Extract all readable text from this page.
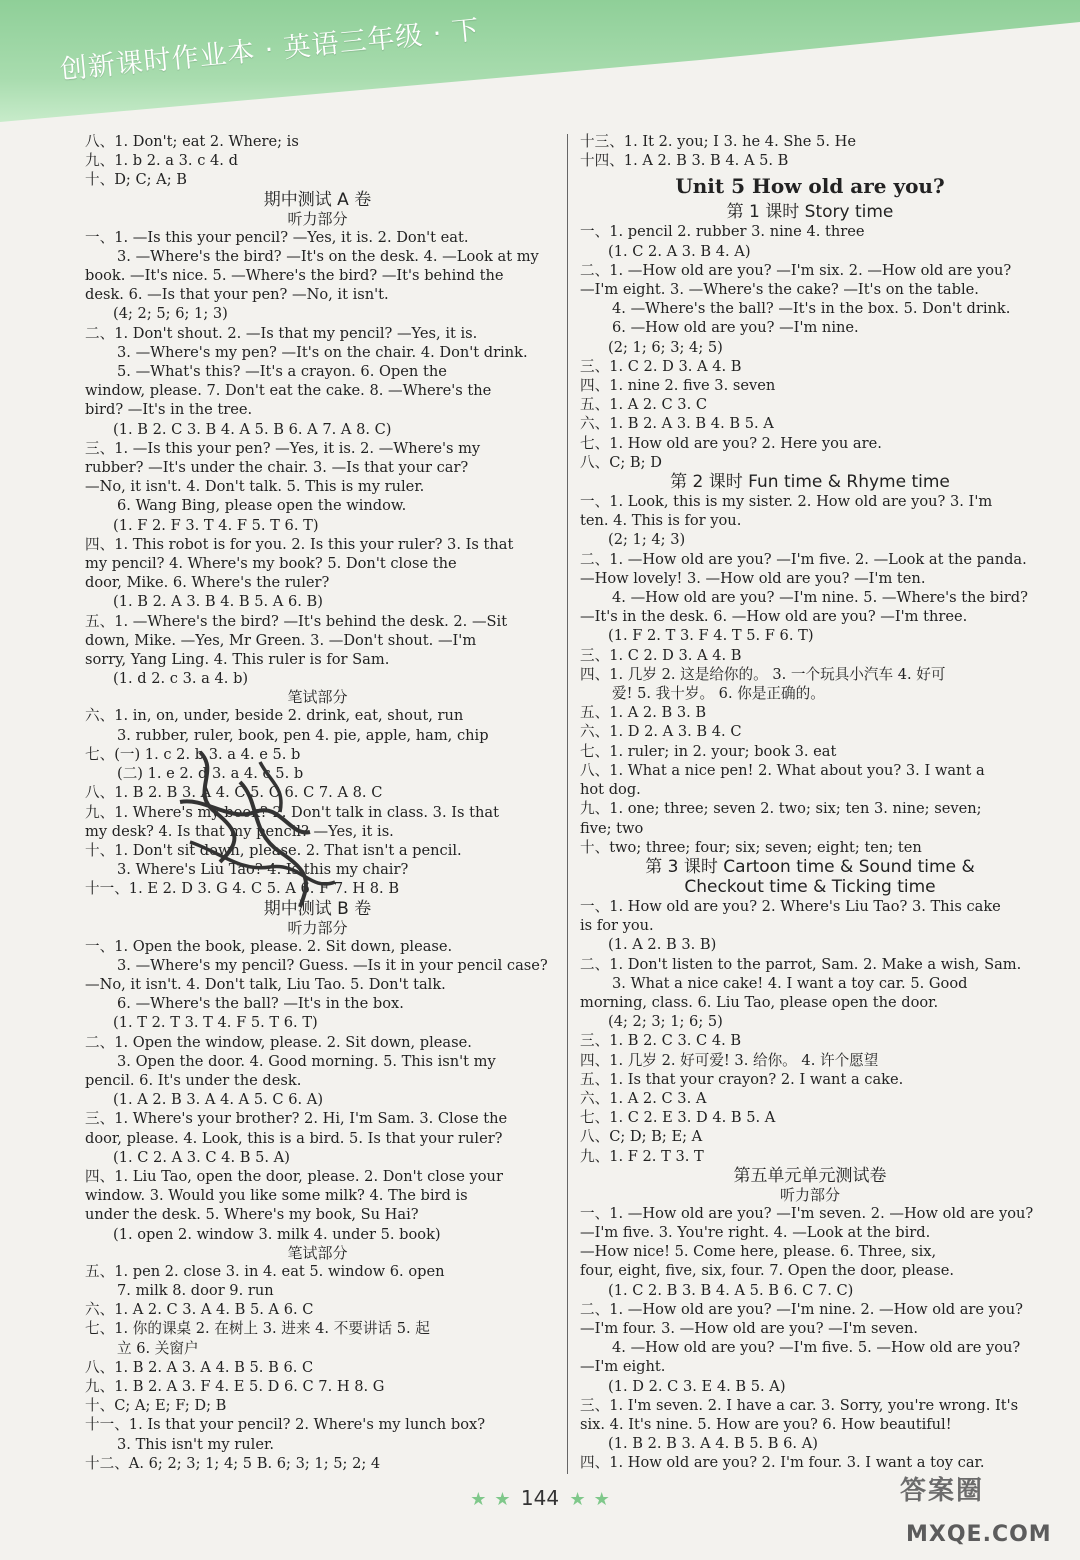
创新课时作业本 · 英语三年级 · 下
八、1. Don't; eat 2. Where; is
九、1. b 2. a 3. c 4. d
十、D; C; A; B
期中测试 A 卷
听力部分
一、1. —Is this your pencil? —Yes, it is. 2. Don't eat.
3. —Where's the bird? —It's on the desk. 4. —Look at my
book. —It's nice. 5. —Where's the bird? —It's behind the
desk. 6. —Is that your pen? —No, it isn't.
(4; 2; 5; 6; 1; 3)
二、1. Don't shout. 2. —Is that my pencil? —Yes, it is.
3. —Where's my pen? —It's on the chair. 4. Don't drink.
5. —What's this? —It's a crayon. 6. Open the
window, please. 7. Don't eat the cake. 8. —Where's the
bird? —It's in the tree.
(1. B 2. C 3. B 4. A 5. B 6. A 7. A 8. C)
三、1. —Is this your pen? —Yes, it is. 2. —Where's my
rubber? —It's under the chair. 3. —Is that your car?
—No, it isn't. 4. Don't talk. 5. This is my ruler.
6. Wang Bing, please open the window.
(1. F 2. F 3. T 4. F 5. T 6. T)
四、1. This robot is for you. 2. Is this your ruler? 3. Is that
my pencil? 4. Where's my book? 5. Don't close the
door, Mike. 6. Where's the ruler?
(1. B 2. A 3. B 4. B 5. A 6. B)
五、1. —Where's the bird? —It's behind the desk. 2. —Sit
down, Mike. —Yes, Mr Green. 3. —Don't shout. —I'm
sorry, Yang Ling. 4. This ruler is for Sam.
(1. d 2. c 3. a 4. b)
笔试部分
六、1. in, on, under, beside 2. drink, eat, shout, run
3. rubber, ruler, book, pen 4. pie, apple, ham, chip
七、(一) 1. c 2. b 3. a 4. e 5. b
(二) 1. e 2. d 3. a 4. c 5. b
八、1. B 2. B 3. A 4. C 5. C 6. C 7. A 8. C
九、1. Where's my book? 2. Don't talk in class. 3. Is that
my desk? 4. Is that my pencil? —Yes, it is.
十、1. Don't sit down, please. 2. That isn't a pencil.
3. Where's Liu Tao? 4. Is this my chair?
十一、1. E 2. D 3. G 4. C 5. A 6. F 7. H 8. B
期中测试 B 卷
听力部分
一、1. Open the book, please. 2. Sit down, please.
3. —Where's my pencil? Guess. —Is it in your pencil case?
—No, it isn't. 4. Don't talk, Liu Tao. 5. Don't talk.
6. —Where's the ball? —It's in the box.
(1. T 2. T 3. T 4. F 5. T 6. T)
二、1. Open the window, please. 2. Sit down, please.
3. Open the door. 4. Good morning. 5. This isn't my
pencil. 6. It's under the desk.
(1. A 2. B 3. A 4. A 5. C 6. A)
三、1. Where's your brother? 2. Hi, I'm Sam. 3. Close the
door, please. 4. Look, this is a bird. 5. Is that your ruler?
(1. C 2. A 3. C 4. B 5. A)
四、1. Liu Tao, open the door, please. 2. Don't close your
window. 3. Would you like some milk? 4. The bird is
under the desk. 5. Where's my book, Su Hai?
(1. open 2. window 3. milk 4. under 5. book)
笔试部分
五、1. pen 2. close 3. in 4. eat 5. window 6. open
7. milk 8. door 9. run
六、1. A 2. C 3. A 4. B 5. A 6. C
七、1. 你的课桌 2. 在树上 3. 进来 4. 不要讲话 5. 起
立 6. 关窗户
八、1. B 2. A 3. A 4. B 5. B 6. C
九、1. B 2. A 3. F 4. E 5. D 6. C 7. H 8. G
十、C; A; E; F; D; B
十一、1. Is that your pencil? 2. Where's my lunch box?
3. This isn't my ruler.
十二、A. 6; 2; 3; 1; 4; 5 B. 6; 3; 1; 5; 2; 4
十三、1. It 2. you; I 3. he 4. She 5. He
十四、1. A 2. B 3. B 4. A 5. B
Unit 5 How old are you?
第 1 课时 Story time
一、1. pencil 2. rubber 3. nine 4. three
(1. C 2. A 3. B 4. A)
二、1. —How old are you? —I'm six. 2. —How old are you?
—I'm eight. 3. —Where's the cake? —It's on the table.
4. —Where's the ball? —It's in the box. 5. Don't drink.
6. —How old are you? —I'm nine.
(2; 1; 6; 3; 4; 5)
三、1. C 2. D 3. A 4. B
四、1. nine 2. five 3. seven
五、1. A 2. C 3. C
六、1. B 2. A 3. B 4. B 5. A
七、1. How old are you? 2. Here you are.
八、C; B; D
第 2 课时 Fun time & Rhyme time
一、1. Look, this is my sister. 2. How old are you? 3. I'm
ten. 4. This is for you.
(2; 1; 4; 3)
二、1. —How old are you? —I'm five. 2. —Look at the panda.
—How lovely! 3. —How old are you? —I'm ten.
4. —How old are you? —I'm nine. 5. —Where's the bird?
—It's in the desk. 6. —How old are you? —I'm three.
(1. F 2. T 3. F 4. T 5. F 6. T)
三、1. C 2. D 3. A 4. B
四、1. 几岁 2. 这是给你的。 3. 一个玩具小汽车 4. 好可
爱! 5. 我十岁。 6. 你是正确的。
五、1. A 2. B 3. B
六、1. D 2. A 3. B 4. C
七、1. ruler; in 2. your; book 3. eat
八、1. What a nice pen! 2. What about you? 3. I want a
hot dog.
九、1. one; three; seven 2. two; six; ten 3. nine; seven;
five; two
十、two; three; four; six; seven; eight; ten; ten
第 3 课时 Cartoon time & Sound time &
Checkout time & Ticking time
一、1. How old are you? 2. Where's Liu Tao? 3. This cake
is for you.
(1. A 2. B 3. B)
二、1. Don't listen to the parrot, Sam. 2. Make a wish, Sam.
3. What a nice cake! 4. I want a toy car. 5. Good
morning, class. 6. Liu Tao, please open the door.
(4; 2; 3; 1; 6; 5)
三、1. B 2. C 3. C 4. B
四、1. 几岁 2. 好可爱! 3. 给你。 4. 许个愿望
五、1. Is that your crayon? 2. I want a cake.
六、1. A 2. C 3. A
七、1. C 2. E 3. D 4. B 5. A
八、C; D; B; E; A
九、1. F 2. T 3. T
第五单元单元测试卷
听力部分
一、1. —How old are you? —I'm seven. 2. —How old are you?
—I'm five. 3. You're right. 4. —Look at the bird.
—How nice! 5. Come here, please. 6. Three, six,
four, eight, five, six, four. 7. Open the door, please.
(1. C 2. B 3. B 4. A 5. B 6. C 7. C)
二、1. —How old are you? —I'm nine. 2. —How old are you?
—I'm four. 3. —How old are you? —I'm seven.
4. —How old are you? —I'm five. 5. —How old are you?
—I'm eight.
(1. D 2. C 3. E 4. B 5. A)
三、1. I'm seven. 2. I have a car. 3. Sorry, you're wrong. It's
six. 4. It's nine. 5. How are you? 6. How beautiful!
(1. B 2. B 3. A 4. B 5. B 6. A)
四、1. How old are you? 2. I'm four. 3. I want a toy car.
★ ★ 144 ★ ★	答案圈
MXQE.COM
